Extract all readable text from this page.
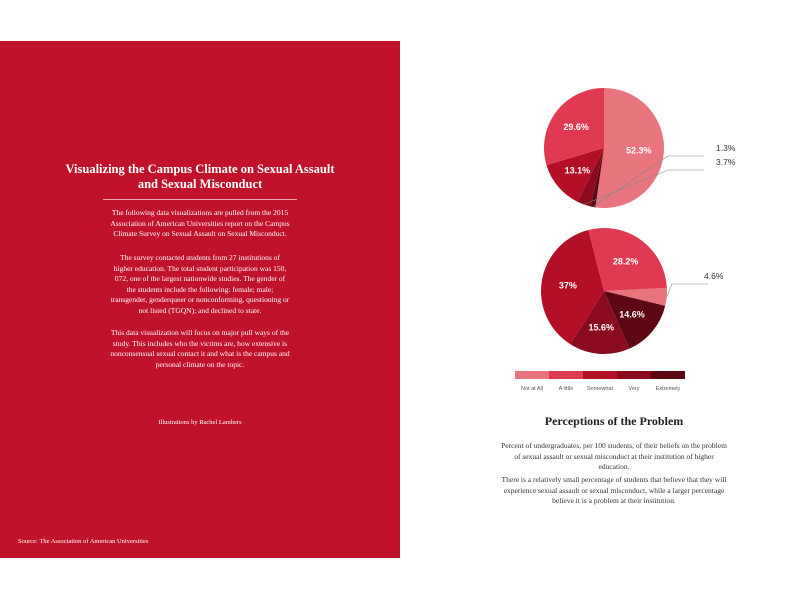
Visualizing the Campus Climate on Sexual Assault and Sexual Misconduct

The following data visualizations are pulled from the 2015 Association of American Universities report on the Campus Climate Survey on Sexual Assault on Sexual Misconduct.

The survey contacted students from 27 institutions of higher education. The total student participation was 150, 072, one of the largest nationwide studies. The gender of the students include the following: female; male; transgender, genderqueer or nonconforming, questioning or not listed (TGQN); and declined to state.

This data visualization will focus on major pull ways of the study. This includes who the victims are, how extensive is nonconsensual sexual contact it and what is the campus and personal climate on the topic.

Illustrations by Rachel Lambers

Source: The Association of American Universities

52.3%	1.3%
3.7%
13.1%
29.6%
4.6%
14.6%
15.6%
37%
28.2%
Not at All	A little Somewhat	Very	Extremely
Perceptions of the Problem

Percent of undergraduates, per 100 students, of their beliefs on the problem of sexual assault or sexual misconduct at their institution of higher education.

There is a relatively small percentage of students that believe that they will experience sexual assault or sexual misconduct, while a larger percentage believe it is a problem at their institution.
